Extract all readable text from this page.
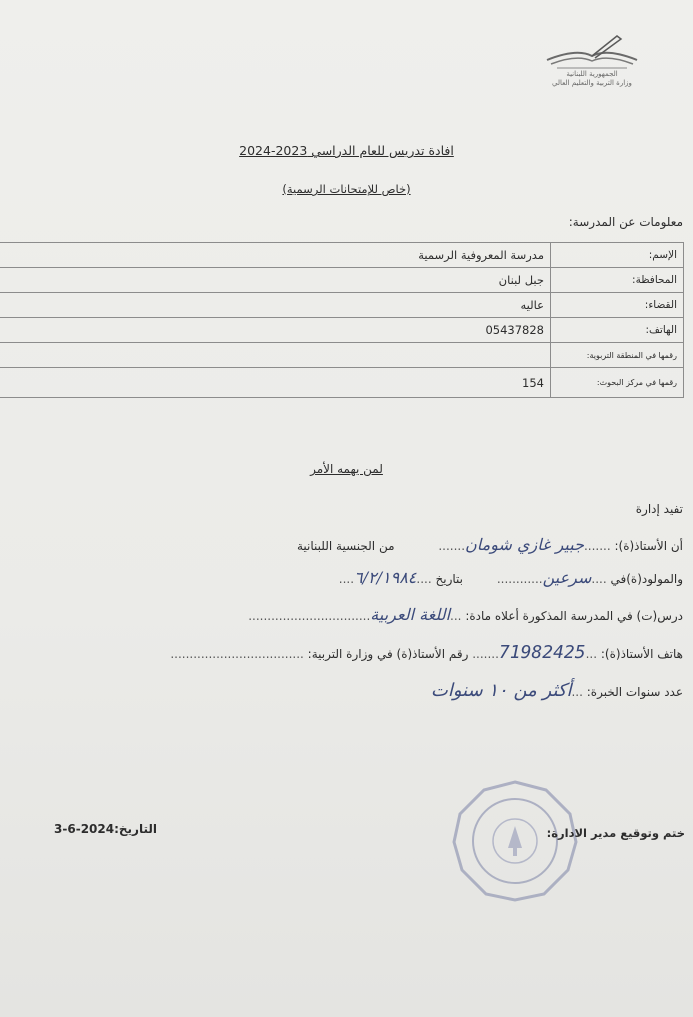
الجمهورية اللبنانية
وزارة التربية والتعليم العالي
افادة تدريس للعام الدراسي 2023-2024
(خاص للإمتحانات الرسمية)
معلومات عن المدرسة:
الإسم:	مدرسة المعروفية الرسمية
المحافظة:	جبل لبنان
القضاء:	عاليه
الهاتف:	05437828
رقمها في المنطقة التربوية:	
رقمها في مركز البحوث:	154
لمن يهمه الأمر
تفيد إدارة
أن الأستاذ(ة): .......جبير غازي شومان....... من الجنسية اللبنانية
والمولود(ة)في ....سرعين............ بتاريخ ....٦/٢/١٩٨٤....
درس(ت) في المدرسة المذكورة أعلاه مادة: ...اللغة العربية................................
هاتف الأستاذ(ة): ...71982425....... رقم الأستاذ(ة) في وزارة التربية: ...................................
عدد سنوات الخبرة: ...أكثر من ١٠ سنوات
التاريخ:2024-6-3	ختم وتوقيع مدير الادارة:
